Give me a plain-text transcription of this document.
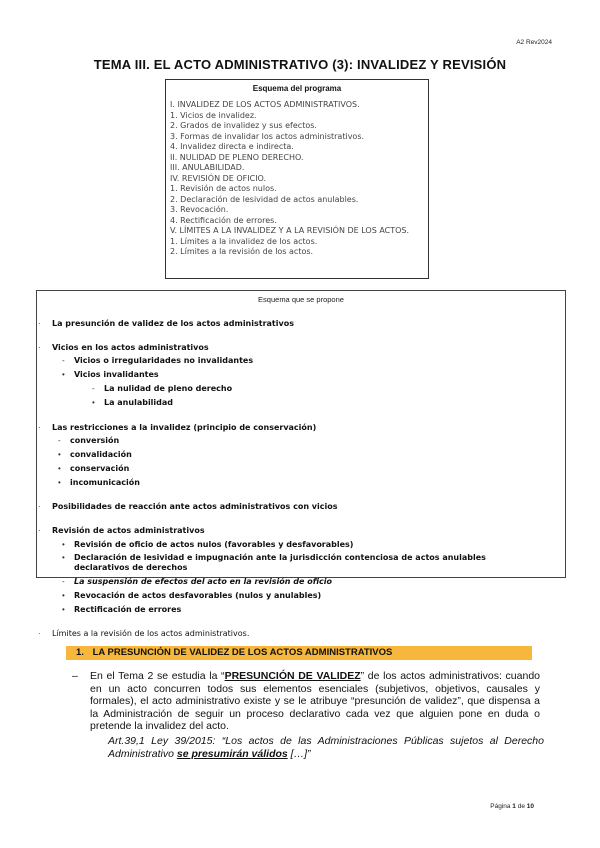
A2 Rev2024
TEMA III. EL ACTO ADMINISTRATIVO (3): INVALIDEZ Y REVISIÓN
Esquema del programa
I. INVALIDEZ DE LOS ACTOS ADMINISTRATIVOS.
1. Vicios de invalidez.
2. Grados de invalidez y sus efectos.
3. Formas de invalidar los actos administrativos.
4. Invalidez directa e indirecta.
II. NULIDAD DE PLENO DERECHO.
III. ANULABILIDAD.
IV. REVISIÓN DE OFICIO.
1. Revisión de actos nulos.
2. Declaración de lesividad de actos anulables.
3. Revocación.
4. Rectificación de errores.
V. LÍMITES A LA INVALIDEZ Y A LA REVISIÓN DE LOS ACTOS.
1. Límites a la invalidez de los actos.
2. Límites a la revisión de los actos.
Esquema que se propone
· La presunción de validez de los actos administrativos
· Vicios en los actos administrativos
- Vicios o irregularidades no invalidantes
• Vicios invalidantes
- La nulidad de pleno derecho
• La anulabilidad
· Las restricciones a la invalidez (principio de conservación)
- conversión
• convalidación
• conservación
• incomunicación
· Posibilidades de reacción ante actos administrativos con vicios
· Revisión de actos administrativos
• Revisión de oficio de actos nulos (favorables y desfavorables)
• Declaración de lesividad e impugnación ante la jurisdicción contenciosa de actos anulables
declarativos de derechos
- La suspensión de efectos del acto en la revisión de oficio
• Revocación de actos desfavorables (nulos y anulables)
• Rectificación de errores
· Límites a la revisión de los actos administrativos.
1. LA PRESUNCIÓN DE VALIDEZ DE LOS ACTOS ADMINISTRATIVOS
– En el Tema 2 se estudia la “PRESUNCIÓN DE VALIDEZ” de los actos administrativos: cuando en un acto concurren todos sus elementos esenciales (subjetivos, objetivos, causales y formales), el acto administrativo existe y se le atribuye “presunción de validez”, que dispensa a la Administración de seguir un proceso declarativo cada vez que alguien pone en duda o pretende la invalidez del acto.
Art.39,1 Ley 39/2015: “Los actos de las Administraciones Públicas sujetos al Derecho Administrativo se presumirán válidos […]”
Página 1 de 10
